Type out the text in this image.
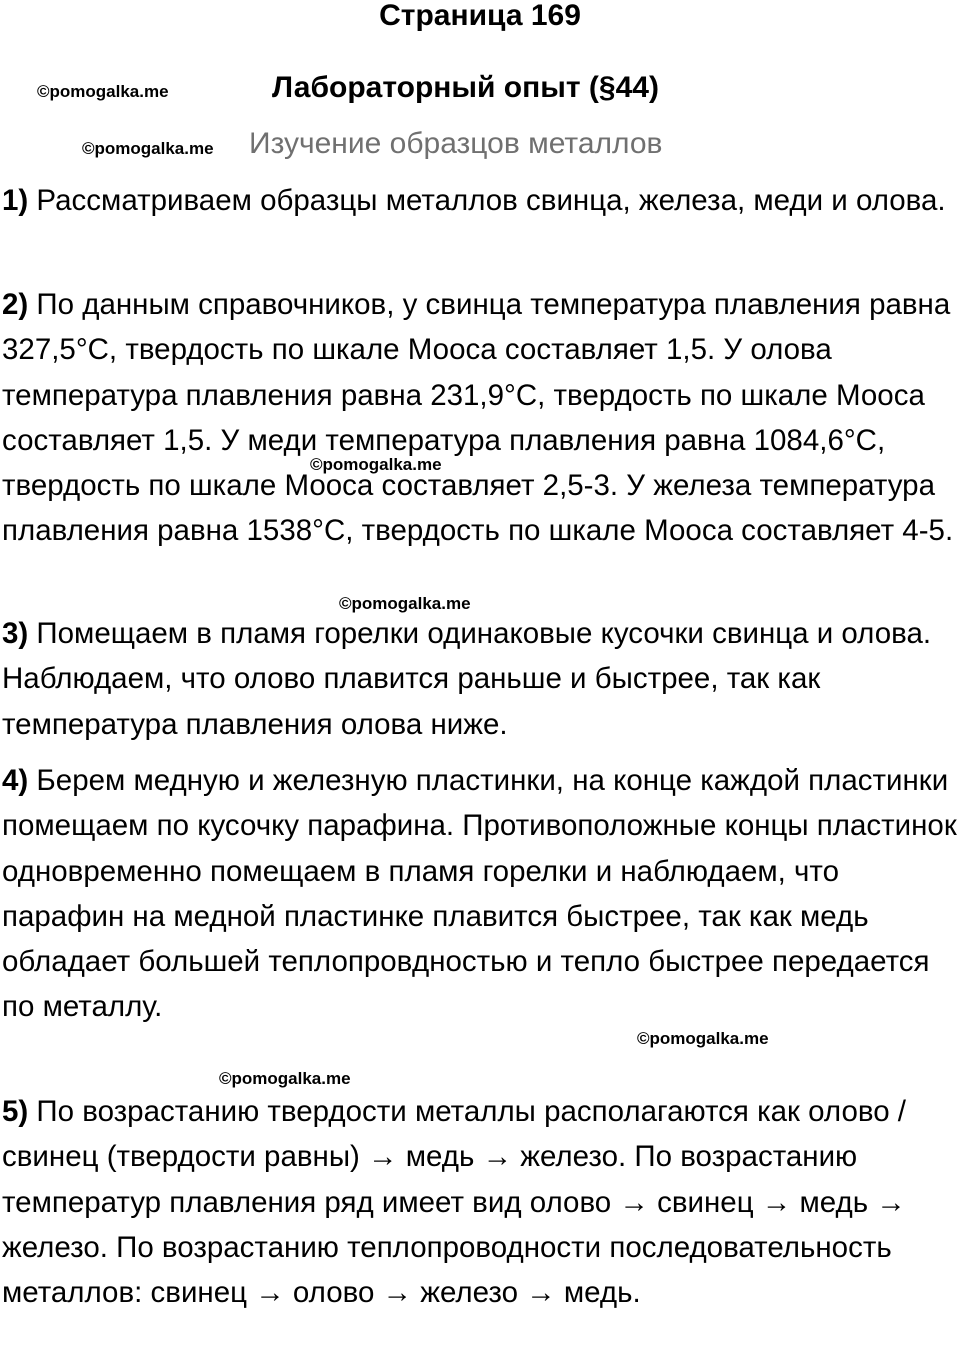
Страница 169
©pomogalka.me	Лабораторный опыт (§44)
©pomogalka.me Изучение образцов металлов
1) Рассматриваем образцы металлов свинца, железа, меди и олова.
2) По данным справочников, у свинца температура плавления равна 327,5°С, твердость по шкале Мооса составляет 1,5. У олова температура плавления равна 231,9°С, твердость по шкале Мооса составляет 1,5. У меди температура плавления равна 1084,6°С, твердость по шкале Мооса составляет 2,5-3. У железа температура плавления равна 1538°С, твердость по шкале Мооса составляет 4-5.
©pomogalka.me
©pomogalka.me
3) Помещаем в пламя горелки одинаковые кусочки свинца и олова. Наблюдаем, что олово плавится раньше и быстрее, так как температура плавления олова ниже.
4) Берем медную и железную пластинки, на конце каждой пластинки помещаем по кусочку парафина. Противоположные концы пластинок одновременно помещаем в пламя горелки и наблюдаем, что парафин на медной пластинке плавится быстрее, так как медь обладает большей теплопровдностью и тепло быстрее передается по металлу.
©pomogalka.me
©pomogalka.me
5) По возрастанию твердости металлы располагаются как олово / свинец (твердости равны) → медь → железо. По возрастанию температур плавления ряд имеет вид олово → свинец → медь → железо. По возрастанию теплопроводности последовательность металлов: свинец → олово → железо → медь.
